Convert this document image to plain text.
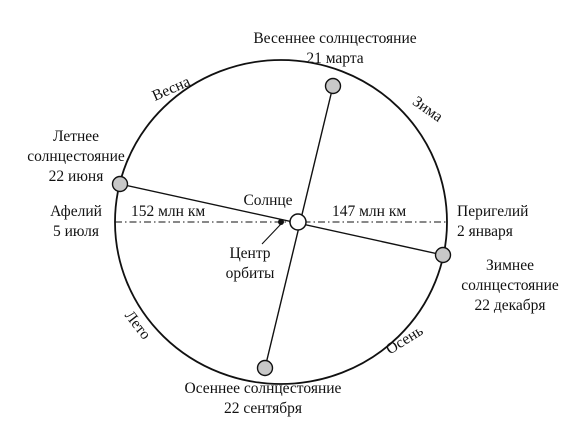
Весеннее солнцестояние
21 марта
Летнее
солнцестояние
22 июня
Афелий
5 июля
152 млн км	147 млн км
Солнце
Центр
орбиты
Перигелий
2 января
Зимнее
солнцестояние
22 декабря
Осеннее солнцестояние
22 сентября
Весна
Зима
Лето	Осень
